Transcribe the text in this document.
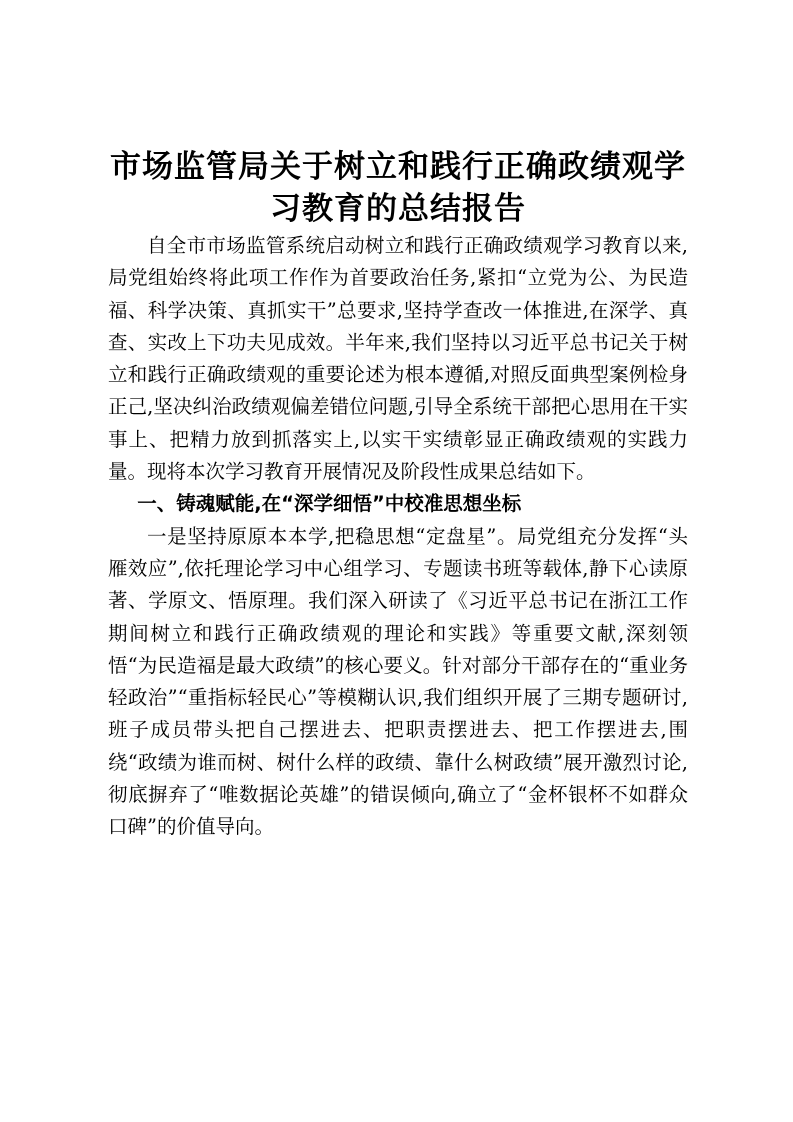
市场监管局关于树立和践行正确政绩观学习教育的总结报告

自全市市场监管系统启动树立和践行正确政绩观学习教育以来,局党组始终将此项工作作为首要政治任务,紧扣“立党为公、为民造福、科学决策、真抓实干”总要求,坚持学查改一体推进,在深学、真查、实改上下功夫见成效。半年来,我们坚持以习近平总书记关于树立和践行正确政绩观的重要论述为根本遵循,对照反面典型案例检身正己,坚决纠治政绩观偏差错位问题,引导全系统干部把心思用在干实事上、把精力放到抓落实上,以实干实绩彰显正确政绩观的实践力量。现将本次学习教育开展情况及阶段性成果总结如下。

一、铸魂赋能,在“深学细悟”中校准思想坐标

一是坚持原原本本学,把稳思想“定盘星”。局党组充分发挥“头雁效应”,依托理论学习中心组学习、专题读书班等载体,静下心读原著、学原文、悟原理。我们深入研读了《习近平总书记在浙江工作期间树立和践行正确政绩观的理论和实践》等重要文献,深刻领悟“为民造福是最大政绩”的核心要义。针对部分干部存在的“重业务轻政治”“重指标轻民心”等模糊认识,我们组织开展了三期专题研讨,班子成员带头把自己摆进去、把职责摆进去、把工作摆进去,围绕“政绩为谁而树、树什么样的政绩、靠什么树政绩”展开激烈讨论,彻底摒弃了“唯数据论英雄”的错误倾向,确立了“金杯银杯不如群众口碑”的价值导向。
